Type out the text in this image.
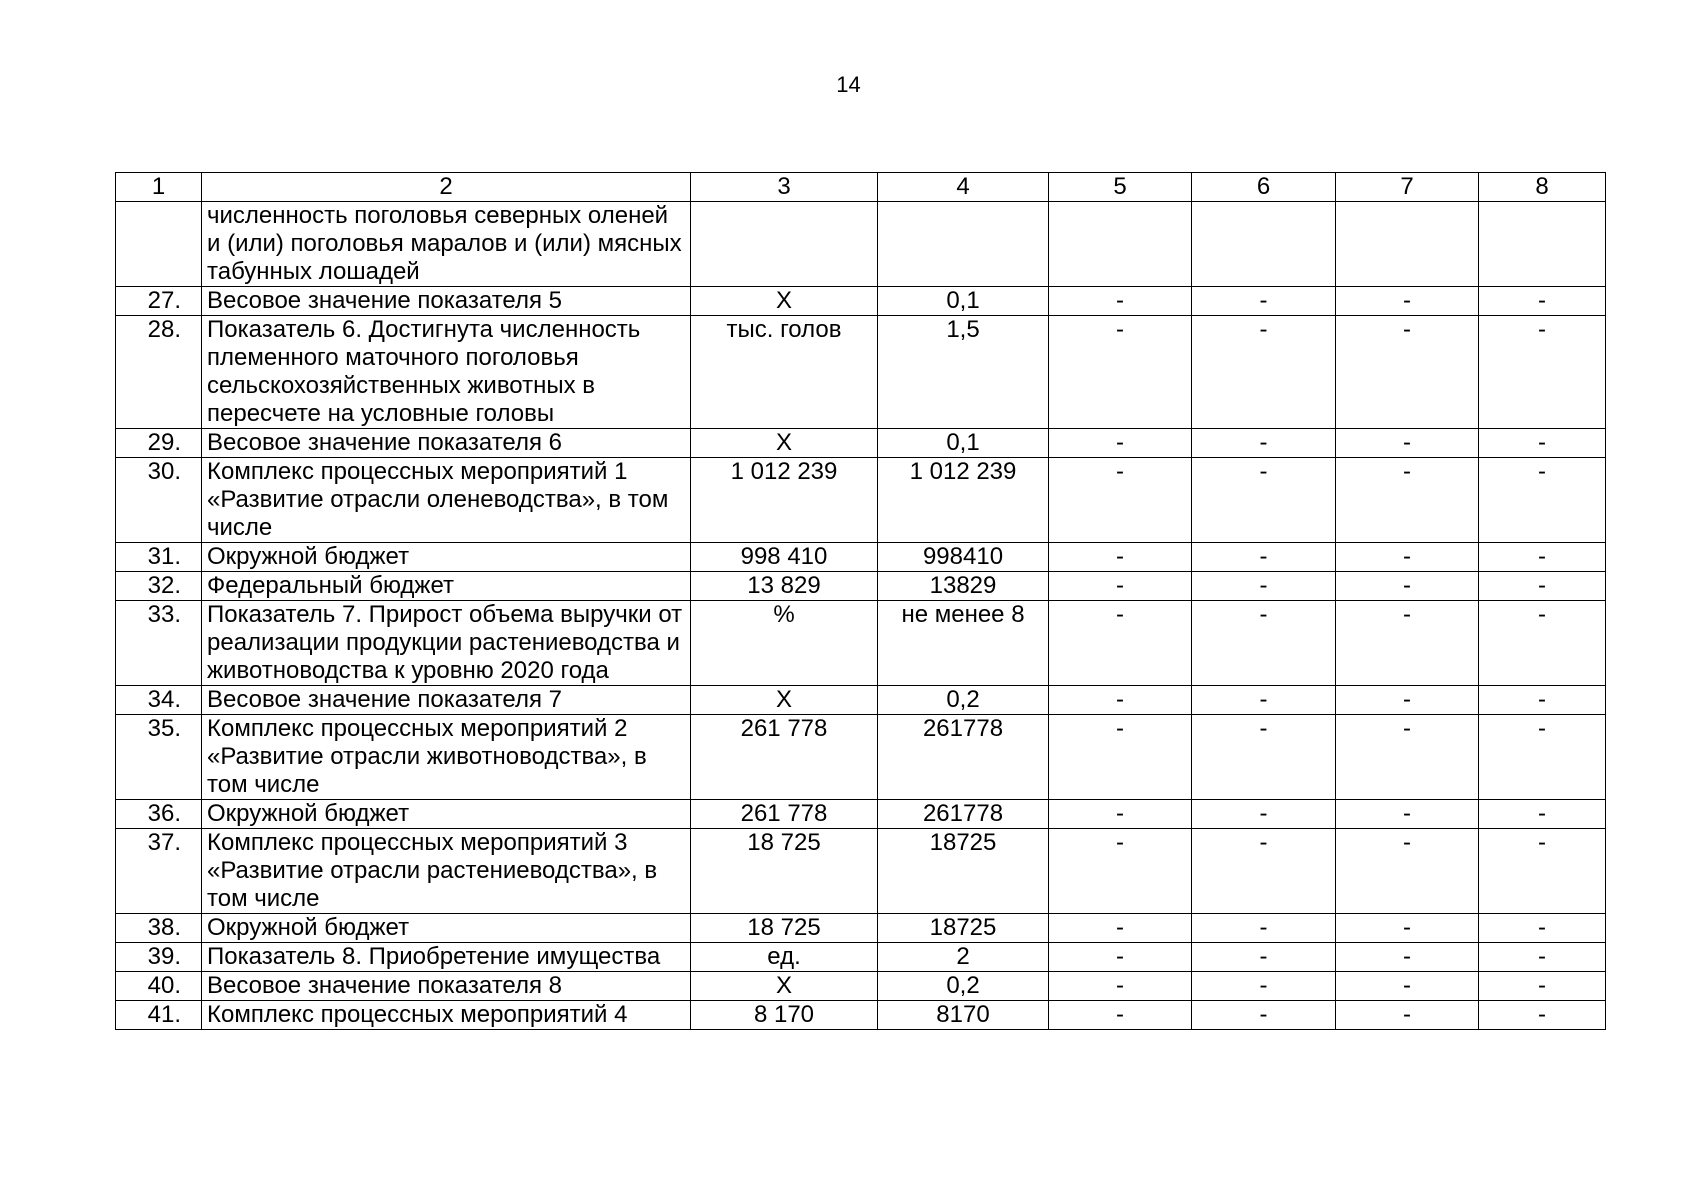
14
1	2	3	4	5	6	7	8
	численность поголовья северных оленей и (или) поголовья маралов и (или) мясных табунных лошадей						
27.	Весовое значение показателя 5	Х	0,1	-	-	-	-
28.	Показатель 6. Достигнута численность племенного маточного поголовья сельскохозяйственных животных в пересчете на условные головы	тыс. голов	1,5	-	-	-	-
29.	Весовое значение показателя 6	Х	0,1	-	-	-	-
30.	Комплекс процессных мероприятий 1 «Развитие отрасли оленеводства», в том числе	1 012 239	1 012 239	-	-	-	-
31.	Окружной бюджет	998 410	998410	-	-	-	-
32.	Федеральный бюджет	13 829	13829	-	-	-	-
33.	Показатель 7. Прирост объема выручки от реализации продукции растениеводства и животноводства к уровню 2020 года	%	не менее 8	-	-	-	-
34.	Весовое значение показателя 7	Х	0,2	-	-	-	-
35.	Комплекс процессных мероприятий 2 «Развитие отрасли животноводства», в том числе	261 778	261778	-	-	-	-
36.	Окружной бюджет	261 778	261778	-	-	-	-
37.	Комплекс процессных мероприятий 3 «Развитие отрасли растениеводства», в том числе	18 725	18725	-	-	-	-
38.	Окружной бюджет	18 725	18725	-	-	-	-
39.	Показатель 8. Приобретение имущества	ед.	2	-	-	-	-
40.	Весовое значение показателя 8	Х	0,2	-	-	-	-
41.	Комплекс процессных мероприятий 4	8 170	8170	-	-	-	-
